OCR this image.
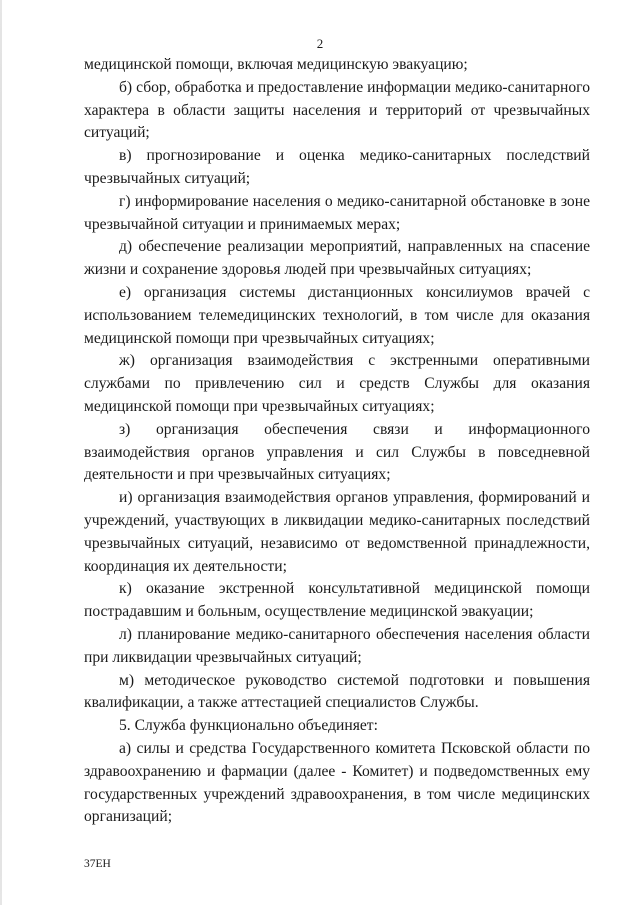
2

медицинской помощи, включая медицинскую эвакуацию;

б) сбор, обработка и предоставление информации медико-санитарного характера в области защиты населения и территорий от чрезвычайных ситуаций;

в) прогнозирование и оценка медико-санитарных последствий чрезвычайных ситуаций;

г) информирование населения о медико-санитарной обстановке в зоне чрезвычайной ситуации и принимаемых мерах;

д) обеспечение реализации мероприятий, направленных на спасение жизни и сохранение здоровья людей при чрезвычайных ситуациях;

е) организация системы дистанционных консилиумов врачей с использованием телемедицинских технологий, в том числе для оказания медицинской помощи при чрезвычайных ситуациях;

ж) организация взаимодействия с экстренными оперативными службами по привлечению сил и средств Службы для оказания медицинской помощи при чрезвычайных ситуациях;

з) организация обеспечения связи и информационного взаимодействия органов управления и сил Службы в повседневной деятельности и при чрезвычайных ситуациях;

и) организация взаимодействия органов управления, формирований и учреждений, участвующих в ликвидации медико-санитарных последствий чрезвычайных ситуаций, независимо от ведомственной принадлежности, координация их деятельности;

к) оказание экстренной консультативной медицинской помощи пострадавшим и больным, осуществление медицинской эвакуации;

л) планирование медико-санитарного обеспечения населения области при ликвидации чрезвычайных ситуаций;

м) методическое руководство системой подготовки и повышения квалификации, а также аттестацией специалистов Службы.

5. Служба функционально объединяет:

а) силы и средства Государственного комитета Псковской области по здравоохранению и фармации (далее - Комитет) и подведомственных ему государственных учреждений здравоохранения, в том числе медицинских организаций;

37ЕН
